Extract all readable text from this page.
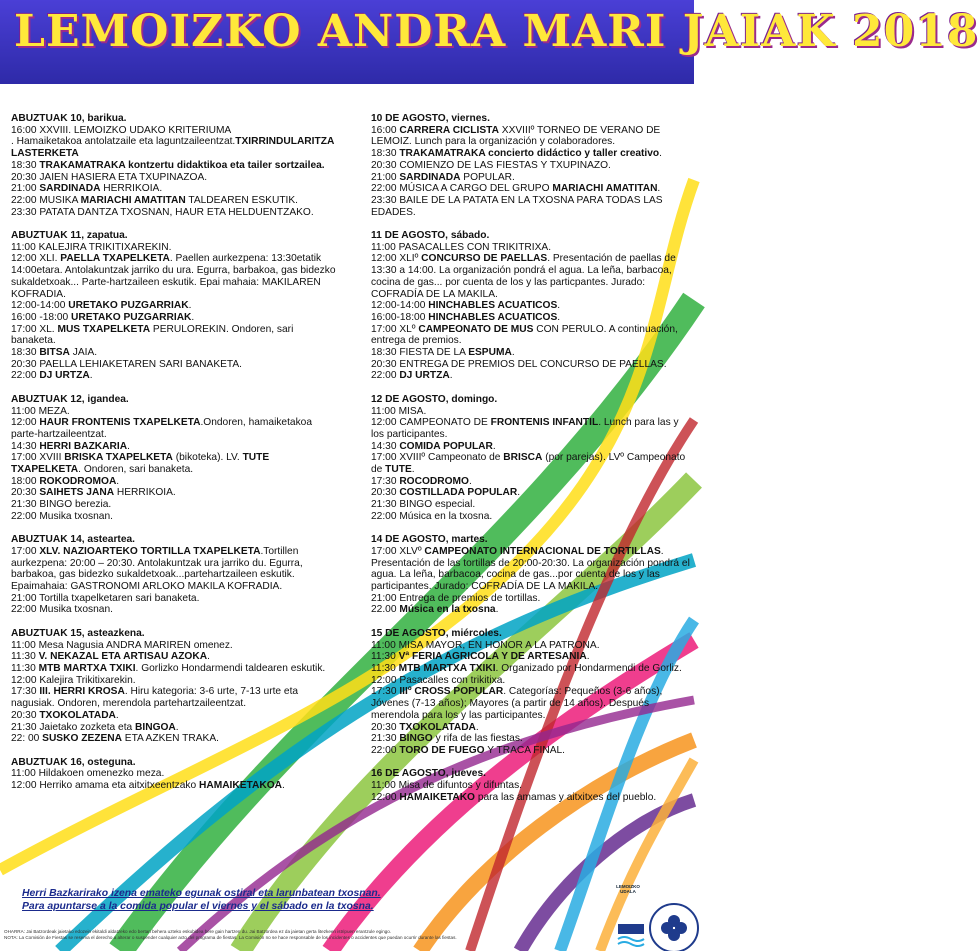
LEMOIZKO ANDRA MARI JAIAK 2018
ABUZTUAK 10, barikua.
16:00 XXVIII. LEMOIZKO UDAKO KRITERIUMA
. Hamaiketakoa antolatzaile eta laguntzaileentzat.TXIRRINDULARITZA LASTERKETA
18:30 TRAKAMATRAKA kontzertu didaktikoa eta tailer sortzailea.
20:30 JAIEN HASIERA ETA TXUPINAZOA.
21:00 SARDINADA HERRIKOIA.
22:00 MUSIKA MARIACHI AMATITAN TALDEAREN ESKUTIK.
23:30 PATATA DANTZA TXOSNAN, HAUR ETA HELDUENTZAKO.
ABUZTUAK 11, zapatua.
11:00 KALEJIRA TRIKITIXAREKIN.
12:00 XLI. PAELLA TXAPELKETA. Paellen aurkezpena: 13:30etatik 14:00etara. Antolakuntzak jarriko du ura. Egurra, barbakoa, gas bidezko sukaldetxoak... Parte-hartzaileen eskutik. Epai mahaia: MAKILAREN KOFRADIA.
12:00-14:00 URETAKO PUZGARRIAK.
16:00 -18:00 URETAKO PUZGARRIAK.
17:00 XL. MUS TXAPELKETA PERULOREKIN. Ondoren, sari banaketa.
18:30 BITSA JAIA.
20:30 PAELLA LEHIAKETAREN SARI BANAKETA.
22:00 DJ URTZA.
ABUZTUAK 12, igandea.
11:00 MEZA.
12:00 HAUR FRONTENIS TXAPELKETA.Ondoren, hamaiketakoa parte-hartzaileentzat.
14:30 HERRI BAZKARIA.
17:00 XVIII BRISKA TXAPELKETA (bikoteka). LV. TUTE TXAPELKETA. Ondoren, sari banaketa.
18:00 ROKODROMOA.
20:30 SAIHETS JANA HERRIKOIA.
21:30 BINGO berezia.
22:00 Musika txosnan.
ABUZTUAK 14, asteartea.
17:00 XLV. NAZIOARTEKO TORTILLA TXAPELKETA.Tortillen aurkezpena: 20:00 – 20:30. Antolakuntzak ura jarriko du. Egurra, barbakoa, gas bidezko sukaldetxoak...partehartzaileen eskutik. Epaimahaia: GASTRONOMI ARLOKO MAKILA KOFRADIA.
21:00 Tortilla txapelketaren sari banaketa.
22:00 Musika txosnan.
ABUZTUAK 15, asteazkena.
11:00 Mesa Nagusia ANDRA MARIREN omenez.
11:30 V. NEKAZAL ETA ARTISAU AZOKA.
11:30 MTB MARTXA TXIKI. Gorlizko Hondarmendi taldearen eskutik.
12:00 Kalejira Trikitixarekin.
17:30 III. HERRI KROSA. Hiru kategoria: 3-6 urte, 7-13 urte eta nagusiak. Ondoren, merendola partehartzaileentzat.
20:30 TXOKOLATADA.
21:30 Jaietako zozketa eta BINGOA.
22: 00 SUSKO ZEZENA ETA AZKEN TRAKA.
ABUZTUAK 16, osteguna.
11:00 Hildakoen omenezko meza.
12:00 Herriko amama eta aitxitxeentzako HAMAIKETAKOA.
10 DE AGOSTO, viernes.
16:00 CARRERA CICLISTA XXVIIIº TORNEO DE VERANO DE LEMOIZ. Lunch para la organización y colaboradores.
18:30 TRAKAMATRAKA concierto didáctico y taller creativo.
20:30 COMIENZO DE LAS FIESTAS Y TXUPINAZO.
21:00 SARDINADA POPULAR.
22:00 MÚSICA A CARGO DEL GRUPO MARIACHI AMATITAN.
23:30 BAILE DE LA PATATA EN LA TXOSNA PARA TODAS LAS EDADES.
11 DE AGOSTO, sábado.
11:00 PASACALLES CON TRIKITRIXA.
12:00 XLIº CONCURSO DE PAELLAS. Presentación de paellas de 13:30 a 14:00. La organización pondrá el agua. La leña, barbacoa, cocina de gas... por cuenta de los y las particpantes. Jurado: COFRADÍA DE LA MAKILA.
12:00-14:00 HINCHABLES ACUATICOS.
16:00-18:00 HINCHABLES ACUATICOS.
17:00 XLº CAMPEONATO DE MUS CON PERULO. A continuación, entrega de premios.
18:30 FIESTA DE LA ESPUMA.
20:30 ENTREGA DE PREMIOS DEL CONCURSO DE PAELLAS.
22:00 DJ URTZA.
12 DE AGOSTO, domingo.
11:00 MISA.
12:00 CAMPEONATO DE FRONTENIS INFANTIL. Lunch para las y los participantes.
14:30 COMIDA POPULAR.
17:00 XVIIIº Campeonato de BRISCA (por parejas). LVº Campeonato de TUTE.
17:30 ROCODROMO.
20:30 COSTILLADA POPULAR.
21:30 BINGO especial.
22:00 Música en la txosna.
14 DE AGOSTO, martes.
17:00 XLVº CAMPEONATO INTERNACIONAL DE TORTILLAS. Presentación de las tortillas de 20:00-20:30. La organización pondrá el agua. La leña, barbacoa, cocina de gas...por cuenta de los y las participantes. Jurado: COFRADÍA DE LA MAKILA.
21:00 Entrega de premios de tortillas.
22.00 Música en la txosna.
15 DE AGOSTO, miércoles.
11:00 MISA MAYOR, EN HONOR A LA PATRONA.
11:30 Vª FERIA AGRICOLA Y DE ARTESANIA.
11:30 MTB MARTXA TXIKI. Organizado por Hondarmendi de Gorliz.
12:00 Pasacalles con trikitixa.
17:30 IIIº CROSS POPULAR. Categorías: Pequeños (3-6 años), Jóvenes (7-13 años); Mayores (a partir de 14 años). Después merendola para los y las participantes.
20:30 TXOKOLATADA.
21:30 BINGO y rifa de las fiestas.
22:00 TORO DE FUEGO Y TRACA FINAL.
16 DE AGOSTO, jueves.
11:00 Misa de difuntos y difuntas.
12:00 HAMAIKETAKO para las amamas y aitxitxes del pueblo.
Herri Bazkarirako izena emateko egunak ostiral eta larunbatean txosnan.
Para apuntarse a la comida popular el viernes y el sábado en la txosna.
OHARRA: Jai Batzordeak jaietako edozein ekitaldi aldatzeko edo bertan behera uzteko eskubidea bere gain hartzen du. Jai Batzordea ez da jaietan gerta litezkeen istripuen erantzule egingo.
NOTA: La Comisión de Fiestas se reserva el derecho a alterar o suspender cualquier acto del programa de fiestas. La Comisión no se hace responsable de los incidentes o accidentes que puedan ocurrir durante las fiestas.
LEMOIZKO UDALA
